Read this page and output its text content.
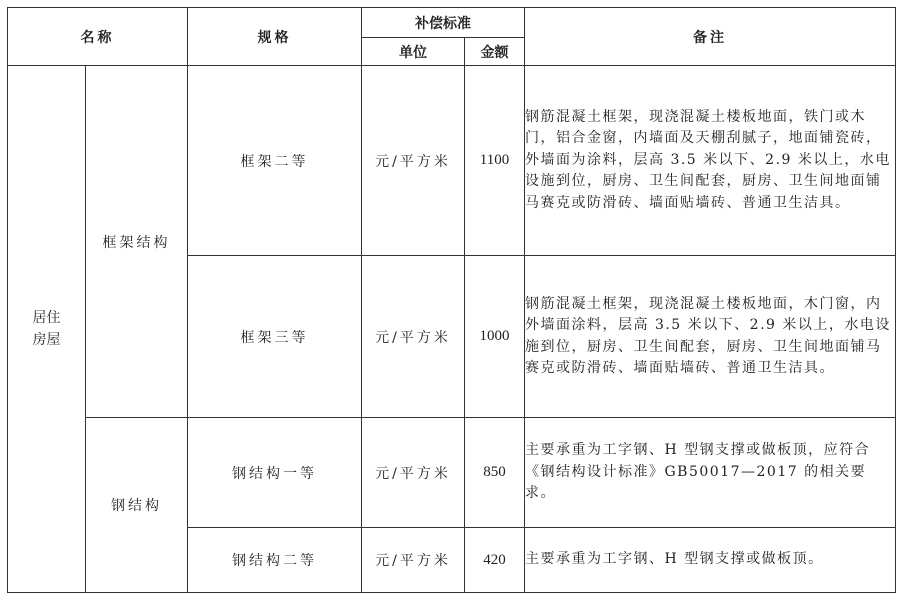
名称		规格	补偿标准		备注
			单位	金额	

居住
房屋	框架结构	框架二等	元/平方米	1100	钢筋混凝土框架，现浇混凝土楼板地面，铁门或木门，铝合金窗，内墙面及天棚刮腻子，地面铺瓷砖，外墙面为涂料，层高 3.5 米以下、2.9 米以上，水电设施到位，厨房、卫生间配套，厨房、卫生间地面铺马赛克或防滑砖、墙面贴墙砖、普通卫生洁具。
		框架三等	元/平方米	1000	钢筋混凝土框架，现浇混凝土楼板地面，木门窗，内外墙面涂料，层高 3.5 米以下、2.9 米以上，水电设施到位，厨房、卫生间配套，厨房、卫生间地面铺马赛克或防滑砖、墙面贴墙砖、普通卫生洁具。
	钢结构	钢结构一等	元/平方米	850	主要承重为工字钢、H 型钢支撑或做板顶，应符合《钢结构设计标准》GB50017—2017 的相关要求。
		钢结构二等	元/平方米	420	主要承重为工字钢、H 型钢支撑或做板顶。
